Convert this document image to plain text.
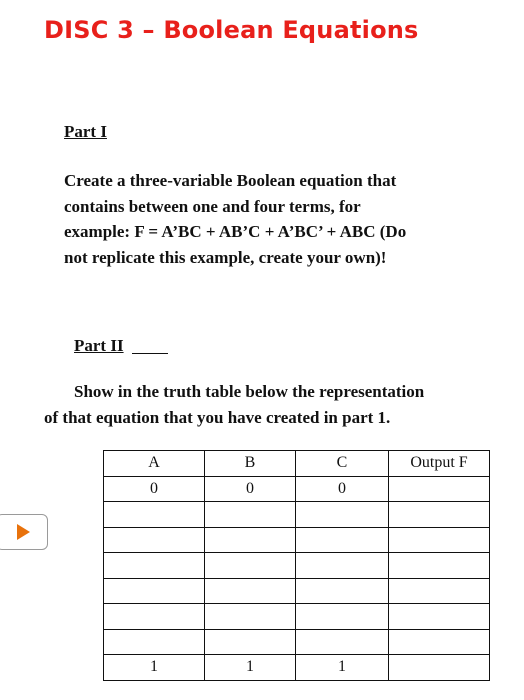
DISC 3 – Boolean Equations
Part I
Create a three-variable Boolean equation that
contains between one and four terms, for
example: F = A’BC + AB’C + A’BC’ + ABC (Do
not replicate this example, create your own)!
Part II
Show in the truth table below the representation
of that equation that you have created in part 1.
A	B	C	Output F
0	0	0	

1	1	1	
